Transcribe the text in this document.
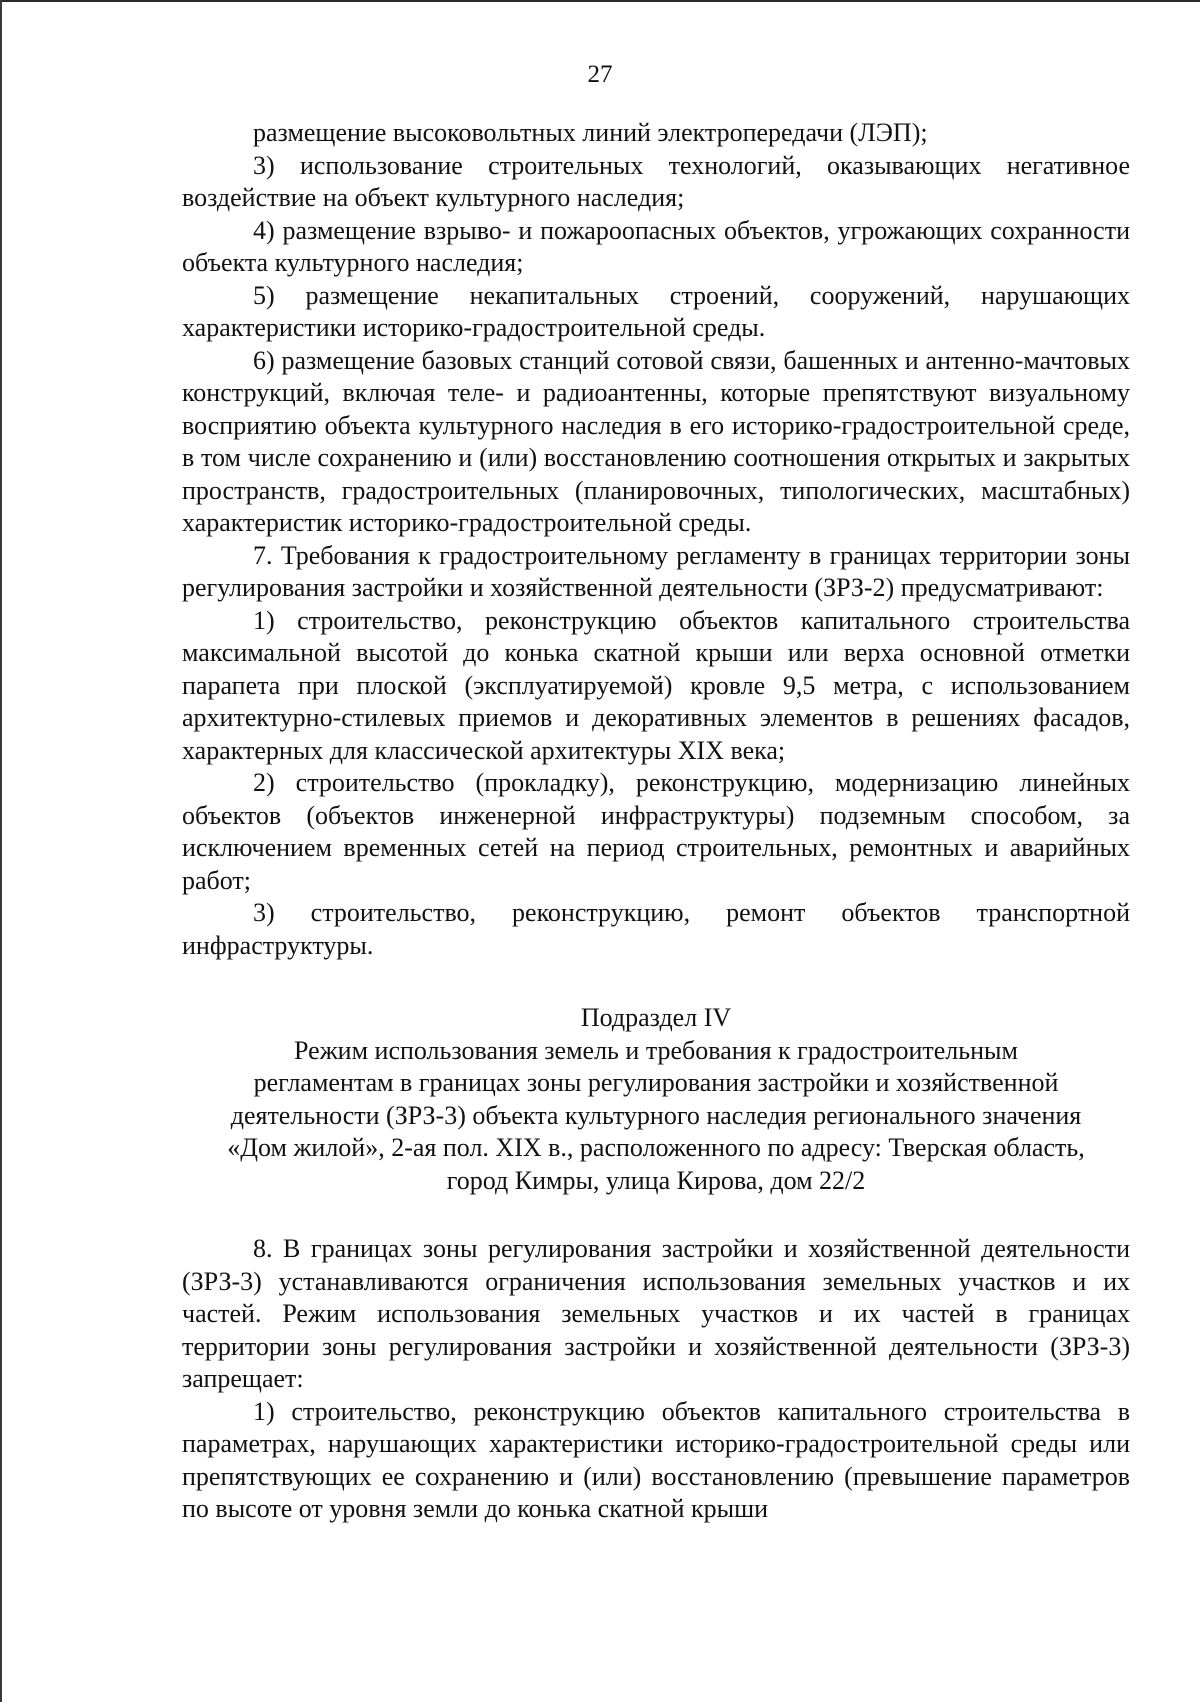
27

размещение высоковольтных линий электропередачи (ЛЭП);

3) использование строительных технологий, оказывающих негативное воздействие на объект культурного наследия;

4) размещение взрыво- и пожароопасных объектов, угрожающих сохранности объекта культурного наследия;

5) размещение некапитальных строений, сооружений, нарушающих характеристики историко-градостроительной среды.

6) размещение базовых станций сотовой связи, башенных и антенно-мачтовых конструкций, включая теле- и радиоантенны, которые препятствуют визуальному восприятию объекта культурного наследия в его историко-градостроительной среде, в том числе сохранению и (или) восстановлению соотношения открытых и закрытых пространств, градостроительных (планировочных, типологических, масштабных) характеристик историко-градостроительной среды.

7. Требования к градостроительному регламенту в границах территории зоны регулирования застройки и хозяйственной деятельности (ЗРЗ-2) предусматривают:

1) строительство, реконструкцию объектов капитального строительства максимальной высотой до конька скатной крыши или верха основной отметки парапета при плоской (эксплуатируемой) кровле 9,5 метра, с использованием архитектурно-стилевых приемов и декоративных элементов в решениях фасадов, характерных для классической архитектуры XIX века;

2) строительство (прокладку), реконструкцию, модернизацию линейных объектов (объектов инженерной инфраструктуры) подземным способом, за исключением временных сетей на период строительных, ремонтных и аварийных работ;

3) строительство, реконструкцию, ремонт объектов транспортной инфраструктуры.

Подраздел IV

Режим использования земель и требования к градостроительным

регламентам в границах зоны регулирования застройки и хозяйственной

деятельности (ЗРЗ-3) объекта культурного наследия регионального значения

«Дом жилой», 2-ая пол. XIX в., расположенного по адресу: Тверская область,

город Кимры, улица Кирова, дом 22/2

8. В границах зоны регулирования застройки и хозяйственной деятельности (ЗРЗ-3) устанавливаются ограничения использования земельных участков и их частей. Режим использования земельных участков и их частей в границах территории зоны регулирования застройки и хозяйственной деятельности (ЗРЗ-3) запрещает:

1) строительство, реконструкцию объектов капитального строительства в параметрах, нарушающих характеристики историко-градостроительной среды или препятствующих ее сохранению и (или) восстановлению (превышение параметров по высоте от уровня земли до конька скатной крыши
